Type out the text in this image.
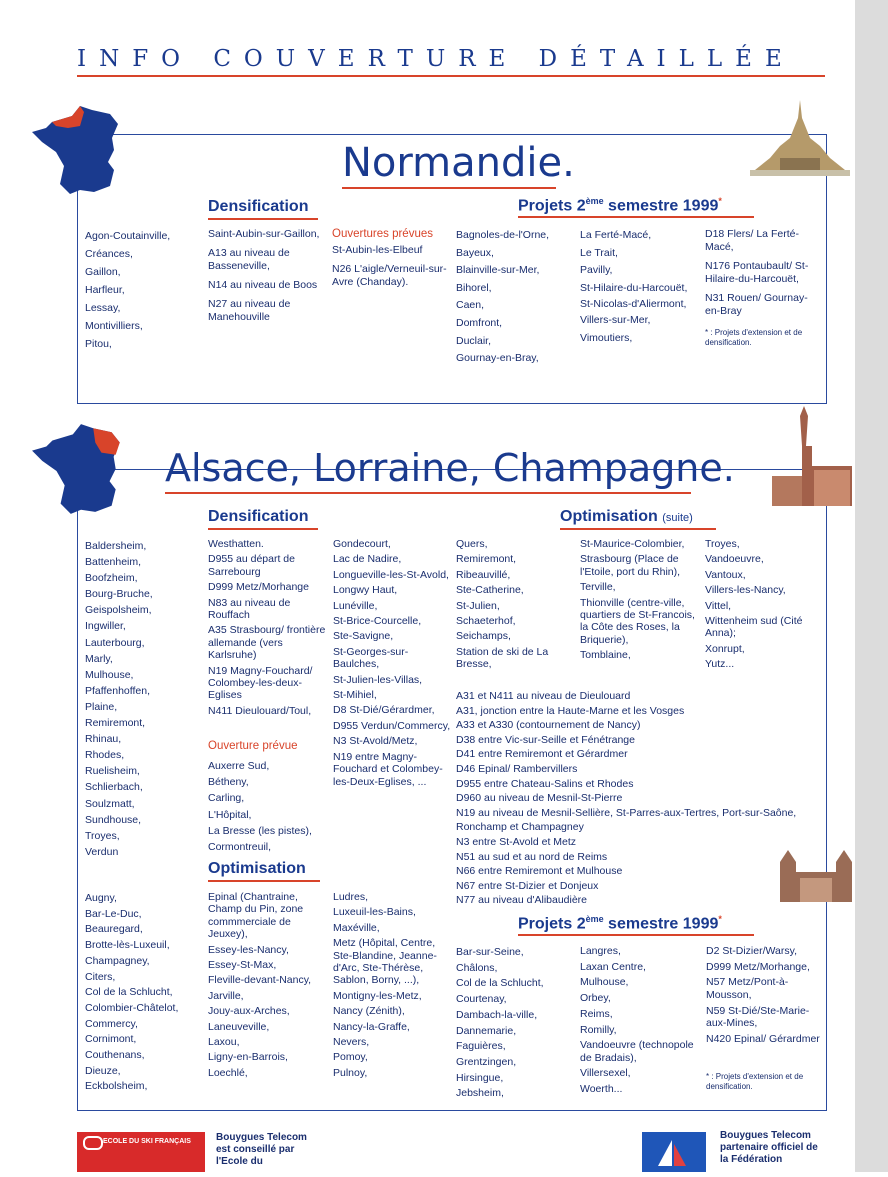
INFO COUVERTURE DÉTAILLÉE
Normandie.
Densification
Agon-Coutainville,
Créances,
Gaillon,
Harfleur,
Lessay,
Montivilliers,
Pitou,
Saint-Aubin-sur-Gaillon,
A13 au niveau de Basseneville,
N14 au niveau de Boos
N27 au niveau de Manehouville
Ouvertures prévues
St-Aubin-les-Elbeuf
N26 L'aigle/Verneuil-sur-Avre (Chanday).
Projets 2ème semestre 1999*
Bagnoles-de-l'Orne,
Bayeux,
Blainville-sur-Mer,
Bihorel,
Caen,
Domfront,
Duclair,
Gournay-en-Bray,
La Ferté-Macé,
Le Trait,
Pavilly,
St-Hilaire-du-Harcouët,
St-Nicolas-d'Aliermont,
Villers-sur-Mer,
Vimoutiers,
D18 Flers/ La Ferté-Macé,
N176 Pontaubault/ St-Hilaire-du-Harcouët,
N31 Rouen/ Gournay-en-Bray
* : Projets d'extension et de densification.
Alsace, Lorraine, Champagne.
Densification
Baldersheim,
Battenheim,
Boofzheim,
Bourg-Bruche,
Geispolsheim,
Ingwiller,
Lauterbourg,
Marly,
Mulhouse,
Pfaffenhoffen,
Plaine,
Remiremont,
Rhinau,
Rhodes,
Ruelisheim,
Schlierbach,
Soulzmatt,
Sundhouse,
Troyes,
Verdun
Westhatten.
D955 au départ de Sarrebourg
D999 Metz/Morhange
N83 au niveau de Rouffach
A35 Strasbourg/ frontière allemande (vers Karlsruhe)
N19 Magny-Fouchard/ Colombey-les-deux-Eglises
N411 Dieulouard/Toul,
Ouverture prévue
Auxerre Sud,
Bétheny,
Carling,
L'Hôpital,
La Bresse (les pistes),
Cormontreuil,
Gondecourt,
Lac de Nadire,
Longueville-les-St-Avold,
Longwy Haut,
Lunéville,
St-Brice-Courcelle,
Ste-Savigne,
St-Georges-sur-Baulches,
St-Julien-les-Villas,
St-Mihiel,
D8 St-Dié/Gérardmer,
D955 Verdun/Commercy,
N3 St-Avold/Metz,
N19 entre Magny-Fouchard et Colombey-les-Deux-Eglises, ...
Optimisation (suite)
Quers,
Remiremont,
Ribeauvillé,
Ste-Catherine,
St-Julien,
Schaeterhof,
Seichamps,
Station de ski de La Bresse,
St-Maurice-Colombier,
Strasbourg (Place de l'Etoile, port du Rhin),
Terville,
Thionville (centre-ville, quartiers de St-Francois, la Côte des Roses, la Briquerie),
Tomblaine,
Troyes,
Vandoeuvre,
Vantoux,
Villers-les-Nancy,
Vittel,
Wittenheim sud (Cité Anna);
Xonrupt,
Yutz...
A31 et N411 au niveau de Dieulouard
A31, jonction entre la Haute-Marne et les Vosges
A33 et A330 (contournement de Nancy)
D38 entre Vic-sur-Seille et Fénétrange
D41 entre Remiremont et Gérardmer
D46 Epinal/ Rambervillers
D955 entre Chateau-Salins et Rhodes
D960 au niveau de Mesnil-St-Pierre
N19 au niveau de Mesnil-Sellière, St-Parres-aux-Tertres, Port-sur-Saône, Ronchamp et Champagney
N3 entre St-Avold et Metz
N51 au sud et au nord de Reims
N66 entre Remiremont et Mulhouse
N67 entre St-Dizier et Donjeux
N77 au niveau d'Alibaudière
Optimisation
Augny,
Bar-Le-Duc,
Beauregard,
Brotte-lès-Luxeuil,
Champagney,
Citers,
Col de la Schlucht,
Colombier-Châtelot,
Commercy,
Cornimont,
Couthenans,
Dieuze,
Eckbolsheim,
Epinal (Chantraine, Champ du Pin, zone commmerciale de Jeuxey),
Essey-les-Nancy,
Essey-St-Max,
Fleville-devant-Nancy,
Jarville,
Jouy-aux-Arches,
Laneuveville,
Laxou,
Ligny-en-Barrois,
Loechlé,
Ludres,
Luxeuil-les-Bains,
Maxéville,
Metz (Hôpital, Centre, Ste-Blandine, Jeanne-d'Arc, Ste-Thérèse, Sablon, Borny, ...),
Montigny-les-Metz,
Nancy (Zénith),
Nancy-la-Graffe,
Nevers,
Pomoy,
Pulnoy,
Projets 2ème semestre 1999*
Bar-sur-Seine,
Châlons,
Col de la Schlucht,
Courtenay,
Dambach-la-ville,
Dannemarie,
Faguières,
Grentzingen,
Hirsingue,
Jebsheim,
Langres,
Laxan Centre,
Mulhouse,
Orbey,
Reims,
Romilly,
Vandoeuvre (technopole de Bradais),
Villersexel,
Woerth...
D2 St-Dizier/Warsy,
D999 Metz/Morhange,
N57 Metz/Pont-à-Mousson,
N59 St-Dié/Ste-Marie-aux-Mines,
N420 Epinal/ Gérardmer
* : Projets d'extension et de densification.
ECOLE DU SKI FRANÇAIS	Bouygues Telecom est conseillé par l'Ecole du
Bouygues Telecom partenaire officiel de la Fédération
